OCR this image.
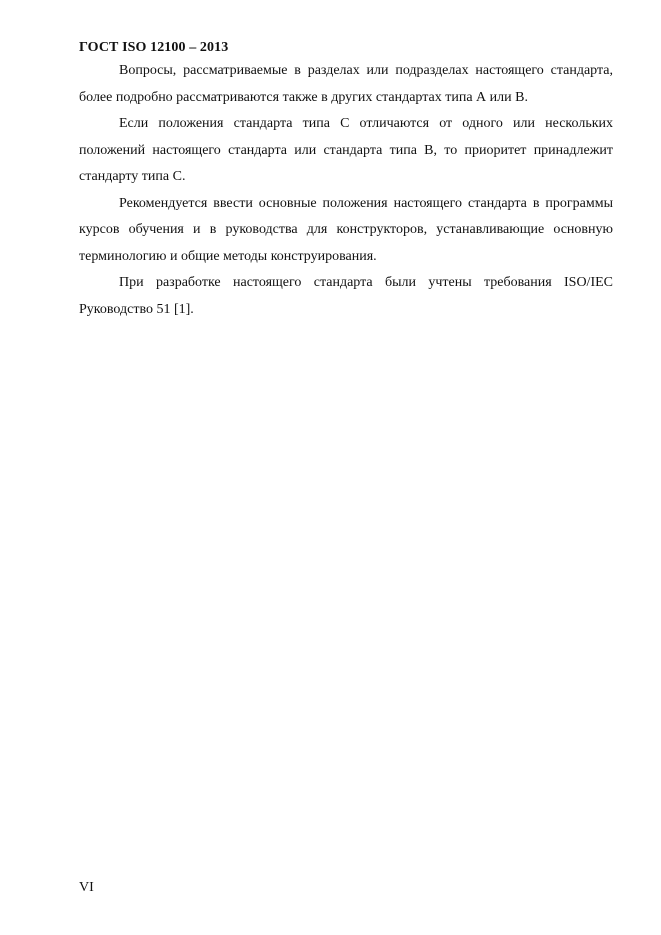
ГОСТ ISO 12100 – 2013

Вопросы, рассматриваемые в разделах или подразделах настоящего стандарта, более подробно рассматриваются также в других стандартах типа А или В.

Если положения стандарта типа С отличаются от одного или нескольких положений настоящего стандарта или стандарта типа В, то приоритет принадлежит стандарту типа С.

Рекомендуется ввести основные положения настоящего стандарта в программы курсов обучения и в руководства для конструкторов, устанавливающие основную терминологию и общие методы конструирования.

При разработке настоящего стандарта были учтены требования ISO/IEC Руководство 51 [1].

VI
